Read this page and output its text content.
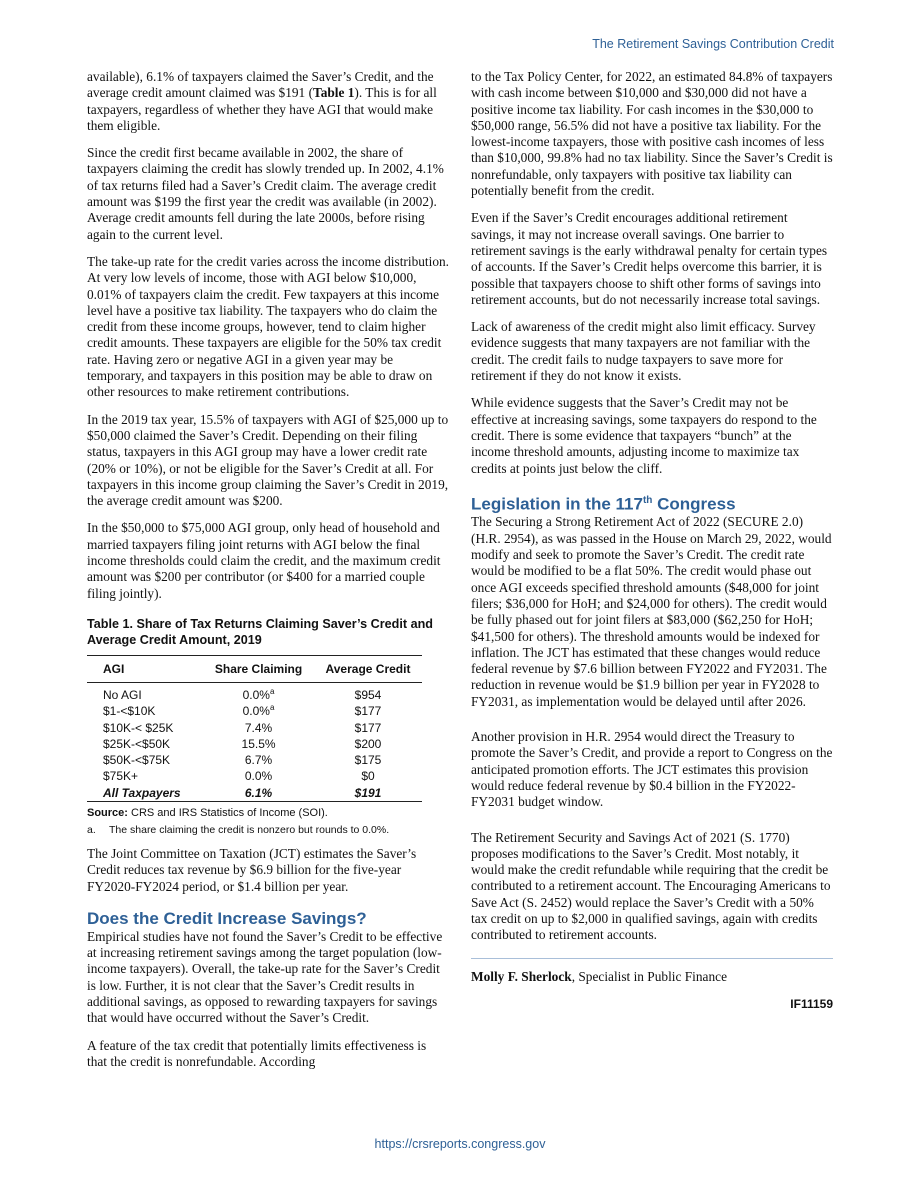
The Retirement Savings Contribution Credit

available), 6.1% of taxpayers claimed the Saver’s Credit, and the average credit amount claimed was $191 (Table 1). This is for all taxpayers, regardless of whether they have AGI that would make them eligible.

Since the credit first became available in 2002, the share of taxpayers claiming the credit has slowly trended up. In 2002, 4.1% of tax returns filed had a Saver’s Credit claim. The average credit amount was $199 the first year the credit was available (in 2002). Average credit amounts fell during the late 2000s, before rising again to the current level.

The take-up rate for the credit varies across the income distribution. At very low levels of income, those with AGI below $10,000, 0.01% of taxpayers claim the credit. Few taxpayers at this income level have a positive tax liability. The taxpayers who do claim the credit from these income groups, however, tend to claim higher credit amounts. These taxpayers are eligible for the 50% tax credit rate. Having zero or negative AGI in a given year may be temporary, and taxpayers in this position may be able to draw on other resources to make retirement contributions.

In the 2019 tax year, 15.5% of taxpayers with AGI of $25,000 up to $50,000 claimed the Saver’s Credit. Depending on their filing status, taxpayers in this AGI group may have a lower credit rate (20% or 10%), or not be eligible for the Saver’s Credit at all. For taxpayers in this income group claiming the Saver’s Credit in 2019, the average credit amount was $200.

In the $50,000 to $75,000 AGI group, only head of household and married taxpayers filing joint returns with AGI below the final income thresholds could claim the credit, and the maximum credit amount was $200 per contributor (or $400 for a married couple filing jointly).

Table 1. Share of Tax Returns Claiming Saver’s Credit and Average Credit Amount, 2019
AGI	Share Claiming	Average Credit
No AGI	0.0%$^a$	$954
$1-<$10K	0.0%$^a$	$177
$10K-< $25K	7.4%	$177
$25K-<$50K	15.5%	$200
$50K-<$75K	6.7%	$175
$75K+	0.0%	$0
All Taxpayers	6.1%	$191
Source: CRS and IRS Statistics of Income (SOI).
a. The share claiming the credit is nonzero but rounds to 0.0%.

The Joint Committee on Taxation (JCT) estimates the Saver’s Credit reduces tax revenue by $6.9 billion for the five-year FY2020-FY2024 period, or $1.4 billion per year.

Does the Credit Increase Savings?

Empirical studies have not found the Saver’s Credit to be effective at increasing retirement savings among the target population (low-income taxpayers). Overall, the take-up rate for the Saver’s Credit is low. Further, it is not clear that the Saver’s Credit results in additional savings, as opposed to rewarding taxpayers for savings that would have occurred without the Saver’s Credit.

A feature of the tax credit that potentially limits effectiveness is that the credit is nonrefundable. According

to the Tax Policy Center, for 2022, an estimated 84.8% of taxpayers with cash income between $10,000 and $30,000 did not have a positive income tax liability. For cash incomes in the $30,000 to $50,000 range, 56.5% did not have a positive tax liability. For the lowest-income taxpayers, those with positive cash incomes of less than $10,000, 99.8% had no tax liability. Since the Saver’s Credit is nonrefundable, only taxpayers with positive tax liability can potentially benefit from the credit.

Even if the Saver’s Credit encourages additional retirement savings, it may not increase overall savings. One barrier to retirement savings is the early withdrawal penalty for certain types of accounts. If the Saver’s Credit helps overcome this barrier, it is possible that taxpayers choose to shift other forms of savings into retirement accounts, but do not necessarily increase total savings.

Lack of awareness of the credit might also limit efficacy. Survey evidence suggests that many taxpayers are not familiar with the credit. The credit fails to nudge taxpayers to save more for retirement if they do not know it exists.

While evidence suggests that the Saver’s Credit may not be effective at increasing savings, some taxpayers do respond to the credit. There is some evidence that taxpayers “bunch” at the income threshold amounts, adjusting income to maximize tax credits at points just below the cliff.

Legislation in the 117th Congress

The Securing a Strong Retirement Act of 2022 (SECURE 2.0) (H.R. 2954), as was passed in the House on March 29, 2022, would modify and seek to promote the Saver’s Credit. The credit rate would be modified to be a flat 50%. The credit would phase out once AGI exceeds specified threshold amounts ($48,000 for joint filers; $36,000 for HoH; and $24,000 for others). The credit would be fully phased out for joint filers at $83,000 ($62,250 for HoH; $41,500 for others). The threshold amounts would be indexed for inflation. The JCT has estimated that these changes would reduce federal revenue by $7.6 billion between FY2022 and FY2031. The reduction in revenue would be $1.9 billion per year in FY2028 to FY2031, as implementation would be delayed until after 2026.

Another provision in H.R. 2954 would direct the Treasury to promote the Saver’s Credit, and provide a report to Congress on the anticipated promotion efforts. The JCT estimates this provision would reduce federal revenue by $0.4 billion in the FY2022-FY2031 budget window.

The Retirement Security and Savings Act of 2021 (S. 1770) proposes modifications to the Saver’s Credit. Most notably, it would make the credit refundable while requiring that the credit be contributed to a retirement account. The Encouraging Americans to Save Act (S. 2452) would replace the Saver’s Credit with a 50% tax credit on up to $2,000 in qualified savings, again with credits contributed to retirement accounts.

Molly F. Sherlock, Specialist in Public Finance
IF11159
https://crsreports.congress.gov
